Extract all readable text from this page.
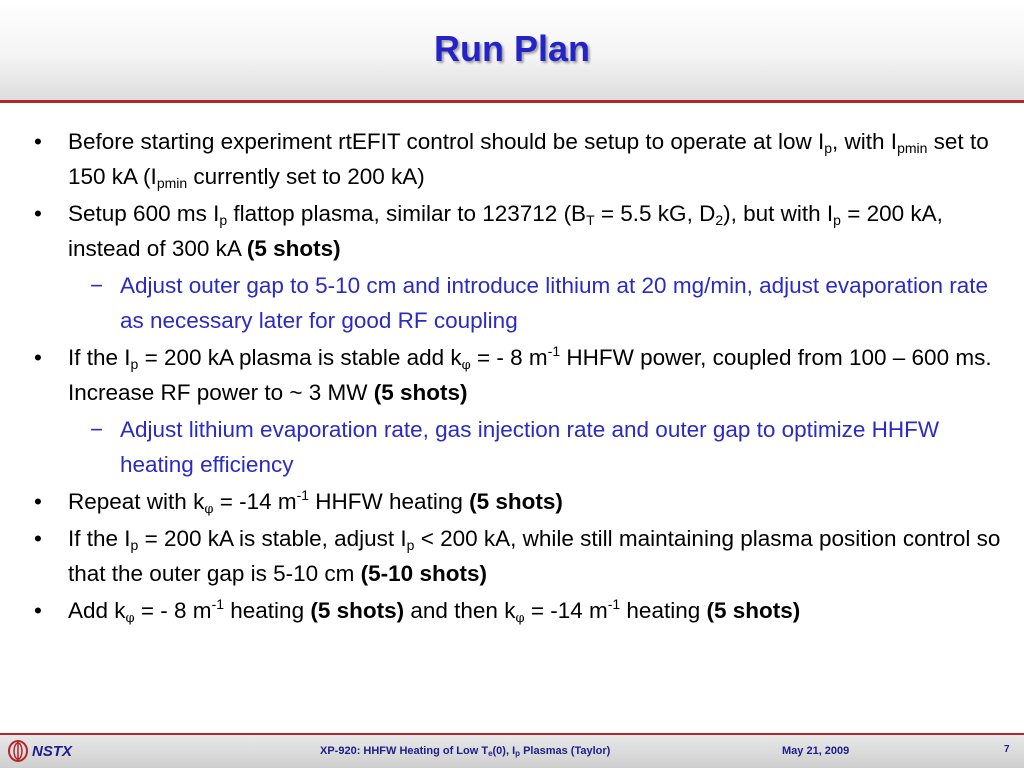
Run Plan
• Before starting experiment rtEFIT control should be setup to operate at low $I_p$, with $I_{pmin}$ set to 150 kA ($I_{pmin}$ currently set to 200 kA)
• Setup 600 ms $I_p$ flattop plasma, similar to 123712 ($B_T = 5.5$ kG, $D_2$), but with $I_p = 200$ kA, instead of 300 kA (5 shots)
− Adjust outer gap to 5-10 cm and introduce lithium at 20 mg/min, adjust evaporation rate as necessary later for good RF coupling
• If the $I_p = 200$ kA plasma is stable add $k_\varphi$ = - 8 $m^{-1}$ HHFW power, coupled from 100 – 600 ms. Increase RF power to ~ 3 MW (5 shots)
− Adjust lithium evaporation rate, gas injection rate and outer gap to optimize HHFW heating efficiency
• Repeat with $k_\varphi = -14$ $m^{-1}$ HHFW heating (5 shots)
• If the $I_p = 200$ kA is stable, adjust $I_p < 200$ kA, while still maintaining plasma position control so that the outer gap is 5-10 cm (5-10 shots)
• Add $k_\varphi$ = - 8 $m^{-1}$ heating (5 shots) and then $k_\varphi = -14$ $m^{-1}$ heating (5 shots)
NSTX	XP-920: HHFW Heating of Low $T_e(0)$, $I_p$ Plasmas (Taylor)	May 21, 2009	7
